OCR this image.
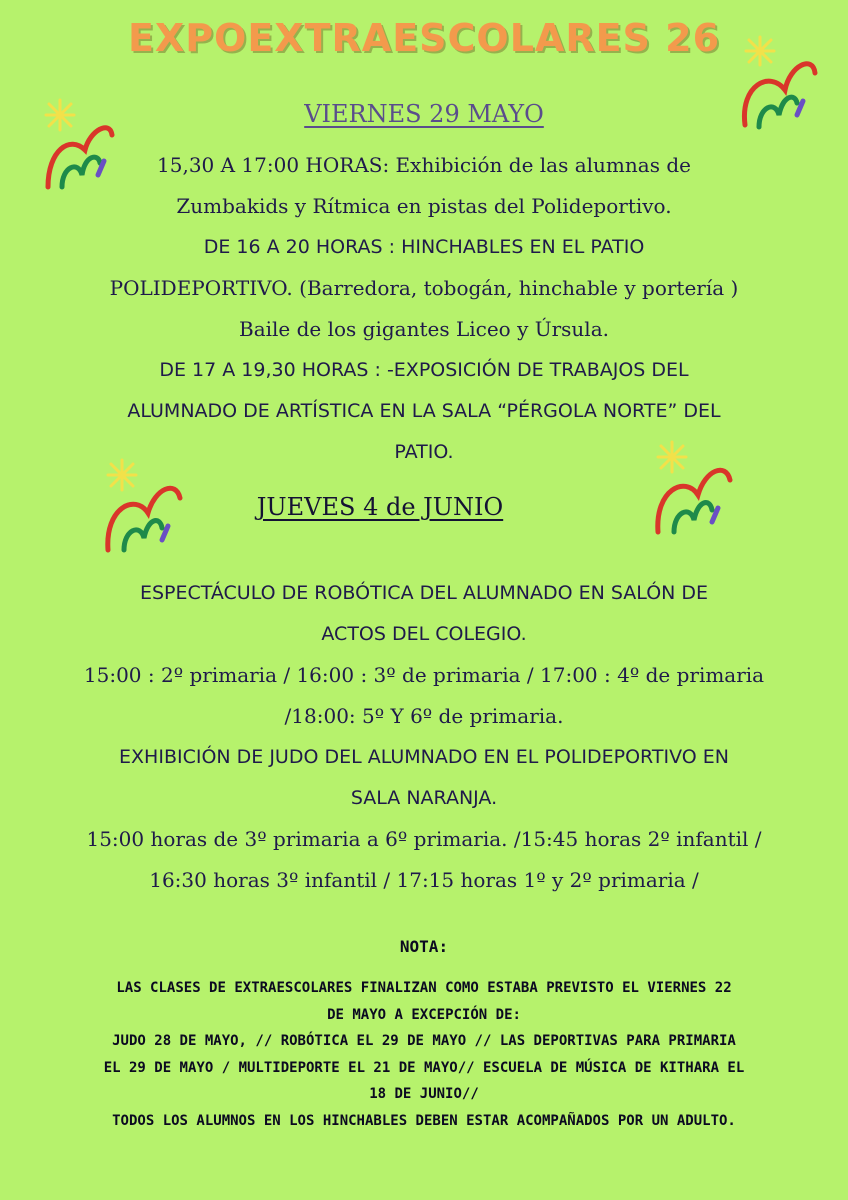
EXPOEXTRAESCOLARES 26
VIERNES 29 MAYO
15,30 A 17:00 HORAS: Exhibición de las alumnas de
Zumbakids y Rítmica en pistas del Polideportivo.
DE 16 A 20 HORAS : HINCHABLES EN EL PATIO
POLIDEPORTIVO. (Barredora, tobogán, hinchable y portería )
Baile de los gigantes Liceo y Úrsula.
DE 17 A 19,30 HORAS : -EXPOSICIÓN DE TRABAJOS DEL
ALUMNADO DE ARTÍSTICA EN LA SALA “PÉRGOLA NORTE” DEL
PATIO.
JUEVES 4 de JUNIO
ESPECTÁCULO DE ROBÓTICA DEL ALUMNADO EN SALÓN DE
ACTOS DEL COLEGIO.
15:00 : 2º primaria / 16:00 : 3º de primaria / 17:00 : 4º de primaria
/18:00: 5º Y 6º de primaria.
EXHIBICIÓN DE JUDO DEL ALUMNADO EN EL POLIDEPORTIVO EN
SALA NARANJA.
15:00 horas de 3º primaria a 6º primaria. /15:45 horas 2º infantil /
16:30 horas 3º infantil / 17:15 horas 1º y 2º primaria /
NOTA:
LAS CLASES DE EXTRAESCOLARES FINALIZAN COMO ESTABA PREVISTO EL VIERNES 22
DE MAYO A EXCEPCIÓN DE:
JUDO 28 DE MAYO, // ROBÓTICA EL 29 DE MAYO // LAS DEPORTIVAS PARA PRIMARIA
EL 29 DE MAYO / MULTIDEPORTE EL 21 DE MAYO// ESCUELA DE MÚSICA DE KITHARA EL
18 DE JUNIO//
TODOS LOS ALUMNOS EN LOS HINCHABLES DEBEN ESTAR ACOMPAÑADOS POR UN ADULTO.
